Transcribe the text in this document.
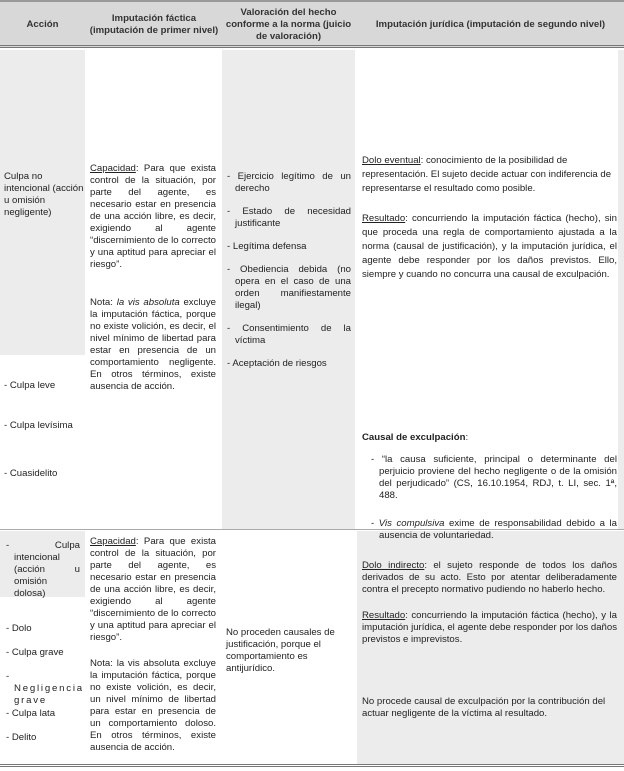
Acción
Imputación fáctica (imputación de primer nivel)
Valoración del hecho conforme a la norma (juicio de valoración)
Imputación jurídica (imputación de segundo nivel)
Culpa no intencional (acción u omisión negligente)
- Culpa leve
- Culpa levísima
- Cuasidelito
Capacidad: Para que exista control de la situación, por parte del agente, es necesario estar en presencia de una acción libre, es decir, exigiendo al agente “discernimiento de lo correcto y una aptitud para apreciar el riesgo”.
Nota: la vis absoluta excluye la imputación fáctica, porque no existe volición, es decir, el nivel mínimo de libertad para estar en presencia de un comportamiento negligente. En otros términos, existe ausencia de acción.

- Ejercicio legítimo de un derecho

- Estado de necesidad justificante

- Legítima defensa

- Obediencia debida (no opera en el caso de una orden manifiestamente ilegal)

- Consentimiento de la víctima

- Aceptación de riesgos

Dolo eventual: conocimiento de la posibilidad de representación. El sujeto decide actuar con indiferencia de representarse el resultado como posible.
Resultado: concurriendo la imputación fáctica (hecho), sin que proceda una regla de comportamiento ajustada a la norma (causal de justificación), y la imputación jurídica, el agente debe responder por los daños previstos. Ello, siempre y cuando no concurra una causal de exculpación.
Causal de exculpación:

- “la causa suficiente, principal o determinante del perjuicio proviene del hecho negligente o de la omisión del perjudicado” (CS, 16.10.1954, RDJ, t. LI, sec. 1ª, 488.

- Vis compulsiva exime de responsabilidad debido a la ausencia de voluntariedad.

- Culpa intencional (acción u omisión dolosa)
- Dolo
- Culpa grave
- Negligencia grave
- Culpa lata
- Delito
Capacidad: Para que exista control de la situación, por parte del agente, es necesario estar en presencia de una acción libre, es decir, exigiendo al agente “discernimiento de lo correcto y una aptitud para apreciar el riesgo”.
Nota: la vis absoluta excluye la imputación fáctica, porque no existe volición, es decir, un nivel mínimo de libertad para estar en presencia de un comportamiento doloso. En otros términos, existe ausencia de acción.
No proceden causales de justificación, porque el comportamiento es antijurídico.
Dolo indirecto: el sujeto responde de todos los daños derivados de su acto. Esto por atentar deliberadamente contra el precepto normativo pudiendo no haberlo hecho.
Resultado: concurriendo la imputación fáctica (hecho), y la imputación jurídica, el agente debe responder por los daños previstos e imprevistos.
No procede causal de exculpación por la contribución del actuar negligente de la víctima al resultado.
